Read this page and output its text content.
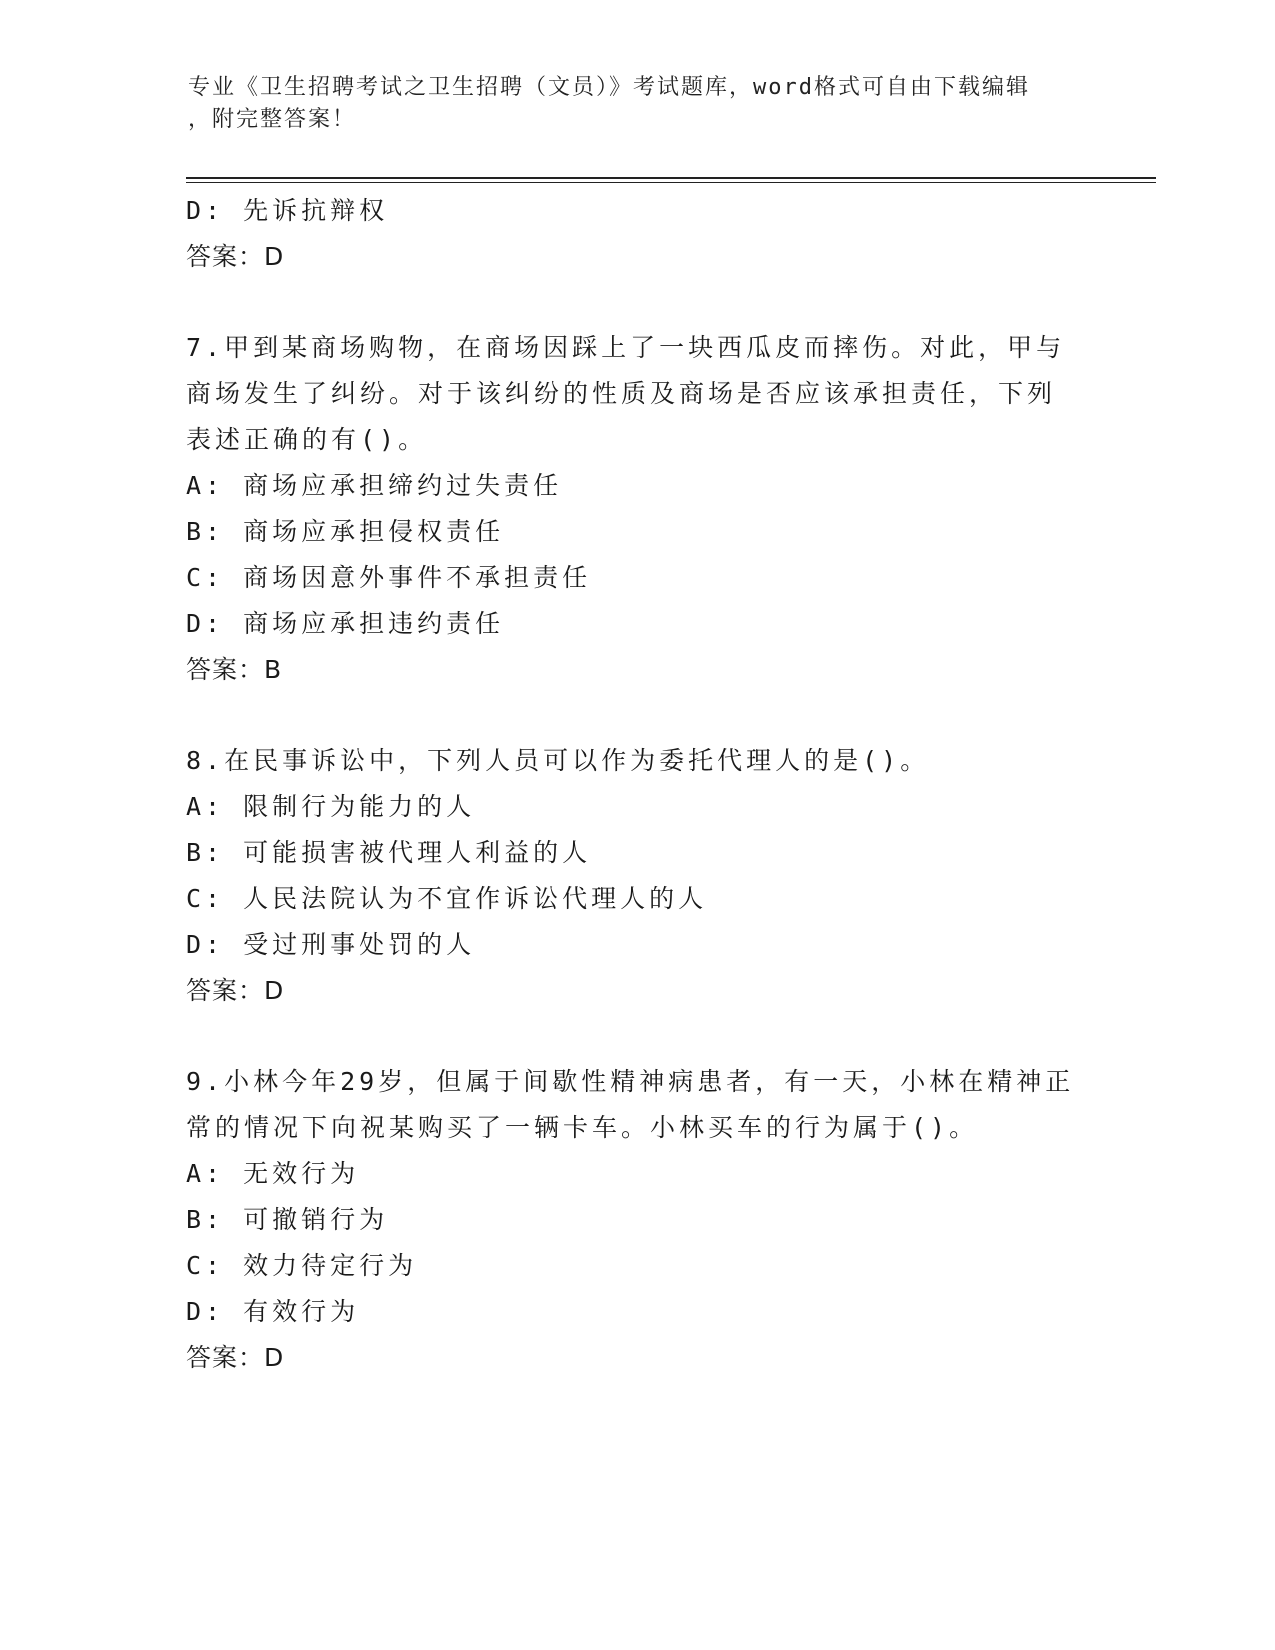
专业《卫生招聘考试之卫生招聘（文员）》考试题库，word格式可自由下载编辑
，附完整答案！
D: 先诉抗辩权
答案：D
7.甲到某商场购物，在商场因踩上了一块西瓜皮而摔伤。对此，甲与
商场发生了纠纷。对于该纠纷的性质及商场是否应该承担责任，下列
表述正确的有()。
A: 商场应承担缔约过失责任
B: 商场应承担侵权责任
C: 商场因意外事件不承担责任
D: 商场应承担违约责任
答案：B
8.在民事诉讼中，下列人员可以作为委托代理人的是()。
A: 限制行为能力的人
B: 可能损害被代理人利益的人
C: 人民法院认为不宜作诉讼代理人的人
D: 受过刑事处罚的人
答案：D
9.小林今年29岁，但属于间歇性精神病患者，有一天，小林在精神正
常的情况下向祝某购买了一辆卡车。小林买车的行为属于()。
A: 无效行为
B: 可撤销行为
C: 效力待定行为
D: 有效行为
答案：D
